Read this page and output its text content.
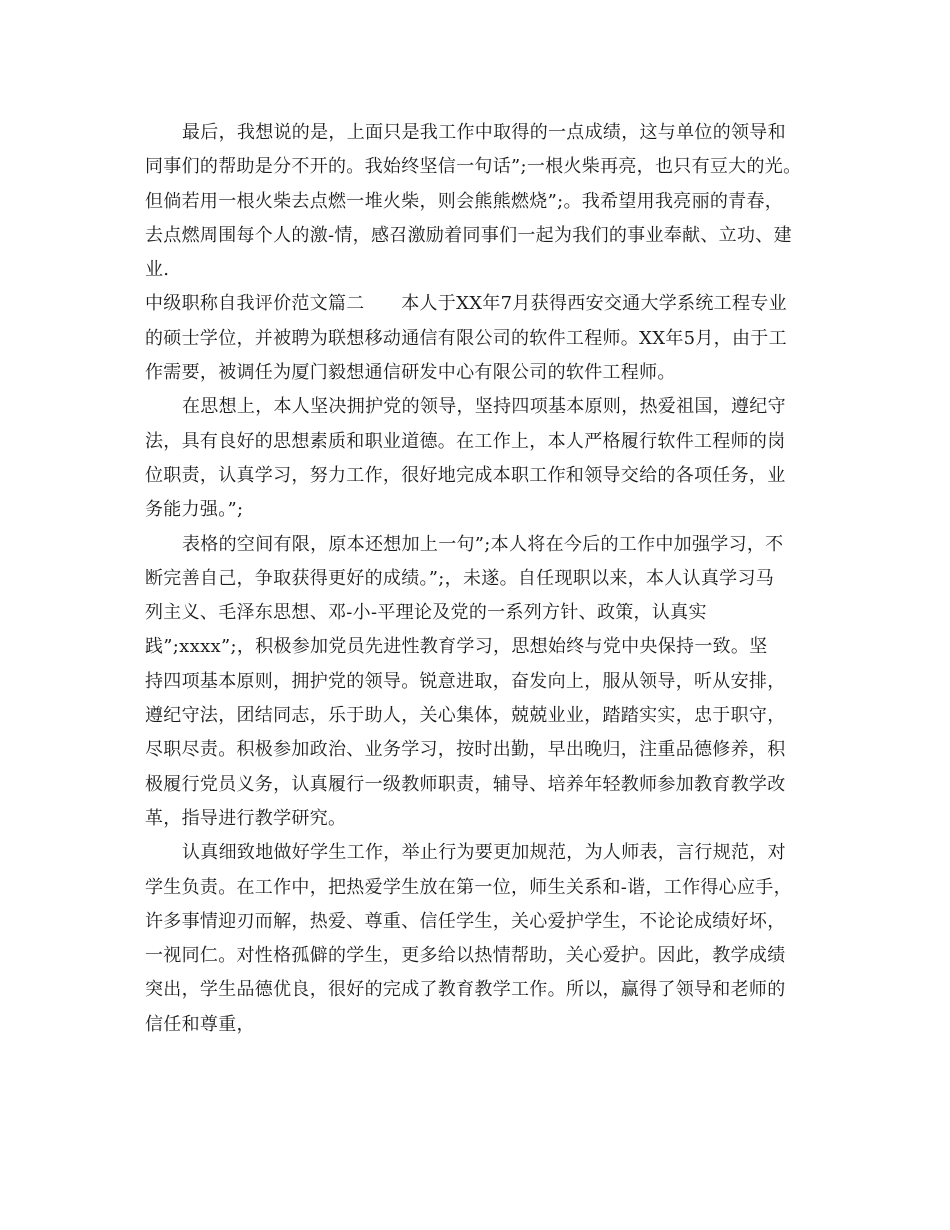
最后，我想说的是，上面只是我工作中取得的一点成绩，这与单位的领导和
同事们的帮助是分不开的。我始终坚信一句话”;一根火柴再亮，也只有豆大的光。
但倘若用一根火柴去点燃一堆火柴，则会熊熊燃烧”;。我希望用我亮丽的青春，
去点燃周围每个人的激-情，感召激励着同事们一起为我们的事业奉献、立功、建
业.
中级职称自我评价范文篇二　　本人于XX年7月获得西安交通大学系统工程专业
的硕士学位，并被聘为联想移动通信有限公司的软件工程师。XX年5月，由于工
作需要，被调任为厦门毅想通信研发中心有限公司的软件工程师。
在思想上，本人坚决拥护党的领导，坚持四项基本原则，热爱祖国，遵纪守
法，具有良好的思想素质和职业道德。在工作上，本人严格履行软件工程师的岗
位职责，认真学习，努力工作，很好地完成本职工作和领导交给的各项任务，业
务能力强。”;
表格的空间有限，原本还想加上一句”;本人将在今后的工作中加强学习，不
断完善自己，争取获得更好的成绩。”;，未遂。自任现职以来，本人认真学习马
列主义、毛泽东思想、邓-小-平理论及党的一系列方针、政策，认真实
践”;xxxx”;，积极参加党员先进性教育学习，思想始终与党中央保持一致。坚
持四项基本原则，拥护党的领导。锐意进取，奋发向上，服从领导，听从安排，
遵纪守法，团结同志，乐于助人，关心集体，兢兢业业，踏踏实实，忠于职守，
尽职尽责。积极参加政治、业务学习，按时出勤，早出晚归，注重品德修养，积
极履行党员义务，认真履行一级教师职责，辅导、培养年轻教师参加教育教学改
革，指导进行教学研究。
认真细致地做好学生工作，举止行为要更加规范，为人师表，言行规范，对
学生负责。在工作中，把热爱学生放在第一位，师生关系和-谐，工作得心应手，
许多事情迎刃而解，热爱、尊重、信任学生，关心爱护学生，不论论成绩好坏，
一视同仁。对性格孤僻的学生，更多给以热情帮助，关心爱护。因此，教学成绩
突出，学生品德优良，很好的完成了教育教学工作。所以，赢得了领导和老师的
信任和尊重，
